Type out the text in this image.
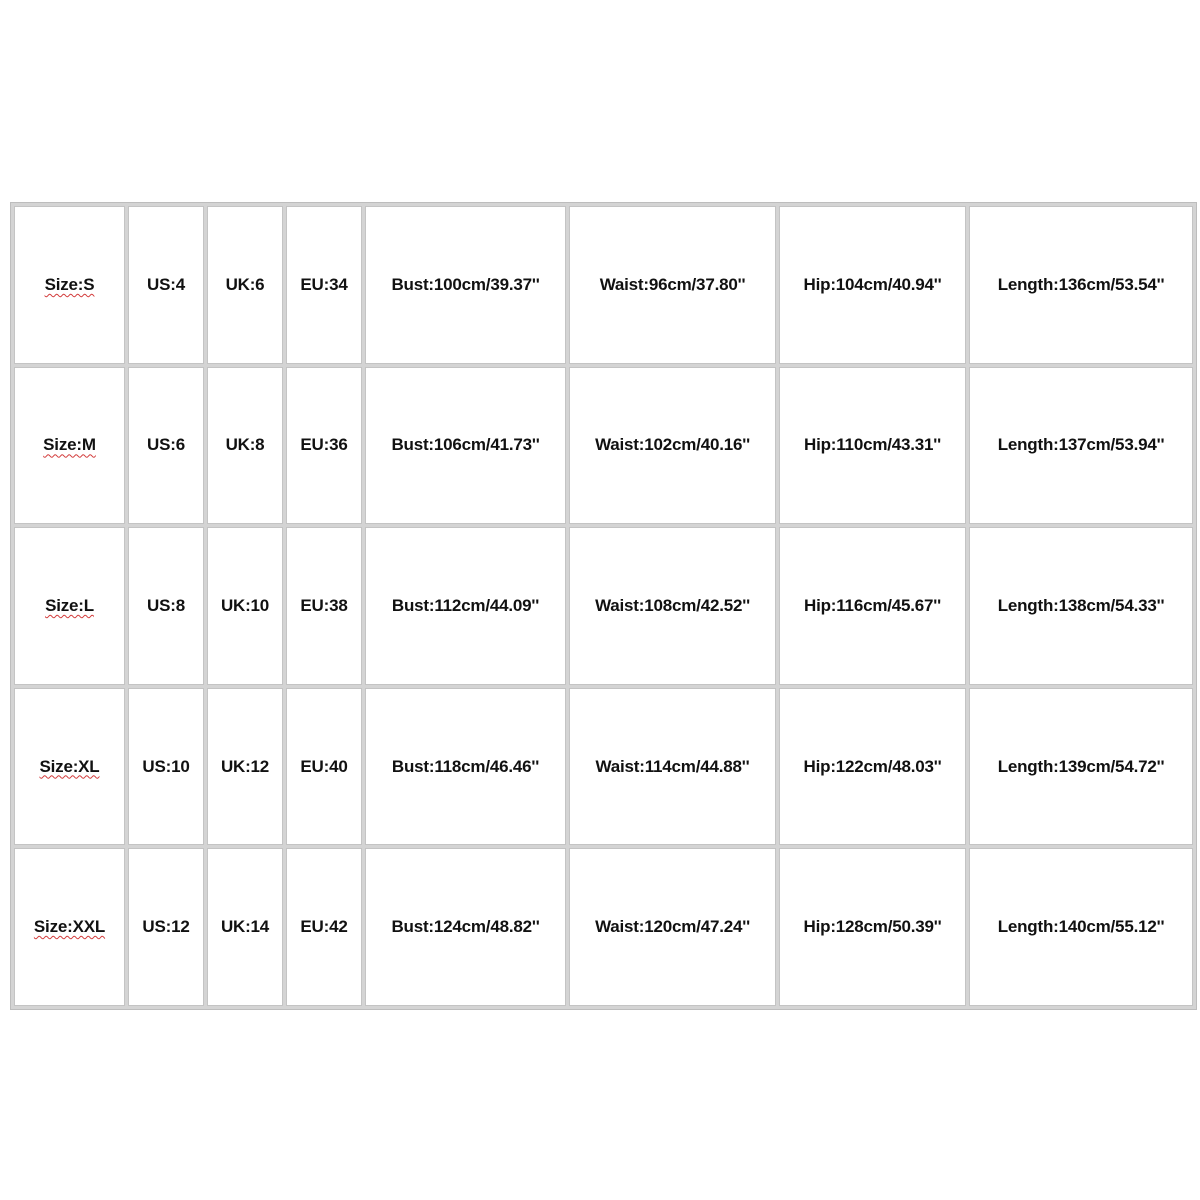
Size:S	US:4	UK:6	EU:34	Bust:100cm/39.37''	Waist:96cm/37.80''	Hip:104cm/40.94''	Length:136cm/53.54''
Size:M	US:6	UK:8	EU:36	Bust:106cm/41.73''	Waist:102cm/40.16''	Hip:110cm/43.31''	Length:137cm/53.94''
Size:L	US:8	UK:10	EU:38	Bust:112cm/44.09''	Waist:108cm/42.52''	Hip:116cm/45.67''	Length:138cm/54.33''
Size:XL	US:10	UK:12	EU:40	Bust:118cm/46.46''	Waist:114cm/44.88''	Hip:122cm/48.03''	Length:139cm/54.72''
Size:XXL	US:12	UK:14	EU:42	Bust:124cm/48.82''	Waist:120cm/47.24''	Hip:128cm/50.39''	Length:140cm/55.12''
